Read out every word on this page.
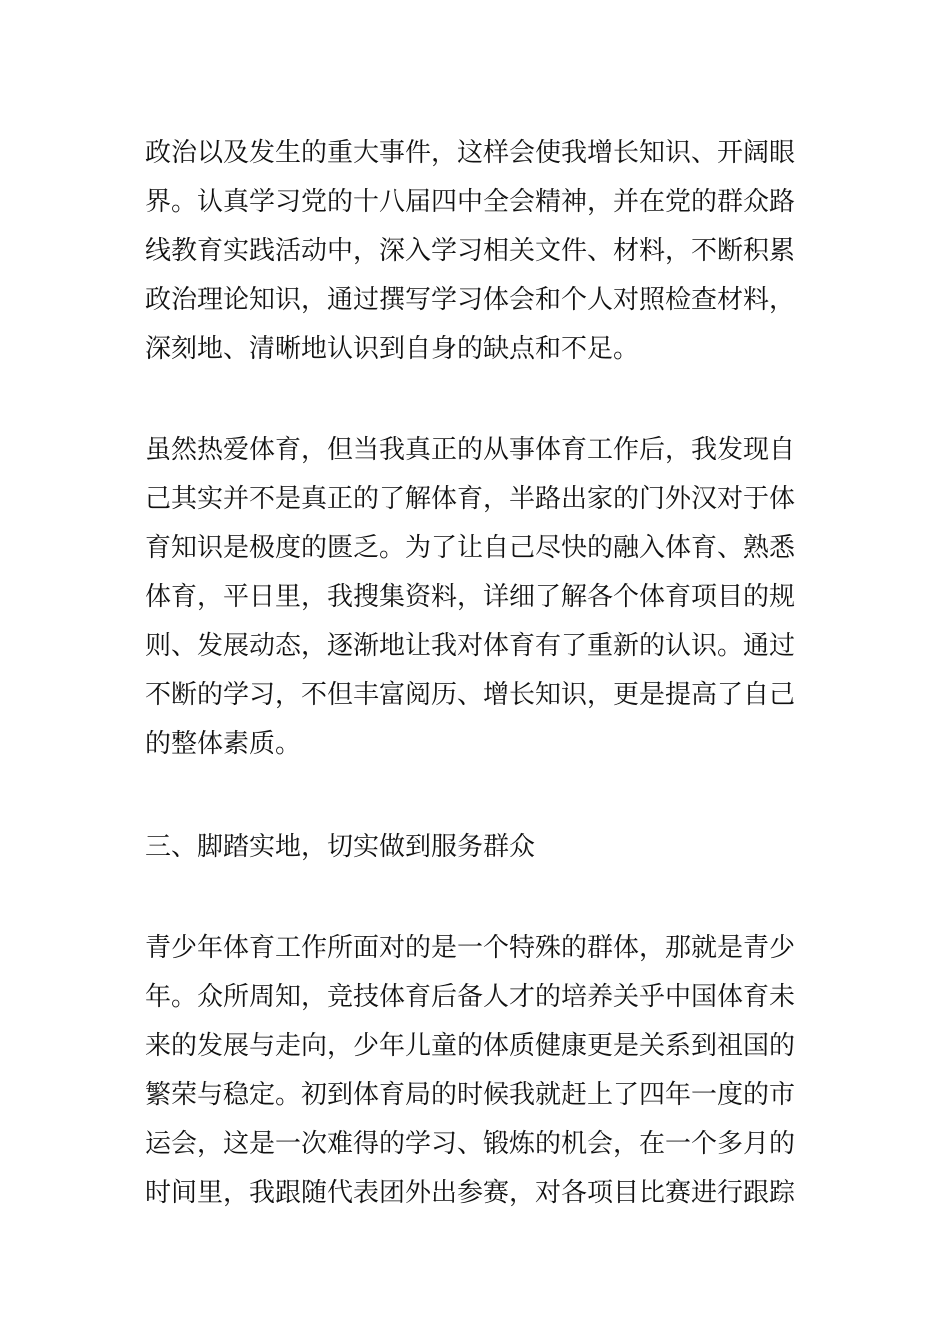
政治以及发生的重大事件，这样会使我增长知识、开阔眼
界。认真学习党的十八届四中全会精神，并在党的群众路
线教育实践活动中，深入学习相关文件、材料，不断积累
政治理论知识，通过撰写学习体会和个人对照检查材料，
深刻地、清晰地认识到自身的缺点和不足。

虽然热爱体育，但当我真正的从事体育工作后，我发现自
己其实并不是真正的了解体育，半路出家的门外汉对于体
育知识是极度的匮乏。为了让自己尽快的融入体育、熟悉
体育，平日里，我搜集资料，详细了解各个体育项目的规
则、发展动态，逐渐地让我对体育有了重新的认识。通过
不断的学习，不但丰富阅历、增长知识，更是提高了自己
的整体素质。

三、脚踏实地，切实做到服务群众

青少年体育工作所面对的是一个特殊的群体，那就是青少
年。众所周知，竞技体育后备人才的培养关乎中国体育未
来的发展与走向，少年儿童的体质健康更是关系到祖国的
繁荣与稳定。初到体育局的时候我就赶上了四年一度的市
运会，这是一次难得的学习、锻炼的机会，在一个多月的
时间里，我跟随代表团外出参赛，对各项目比赛进行跟踪
